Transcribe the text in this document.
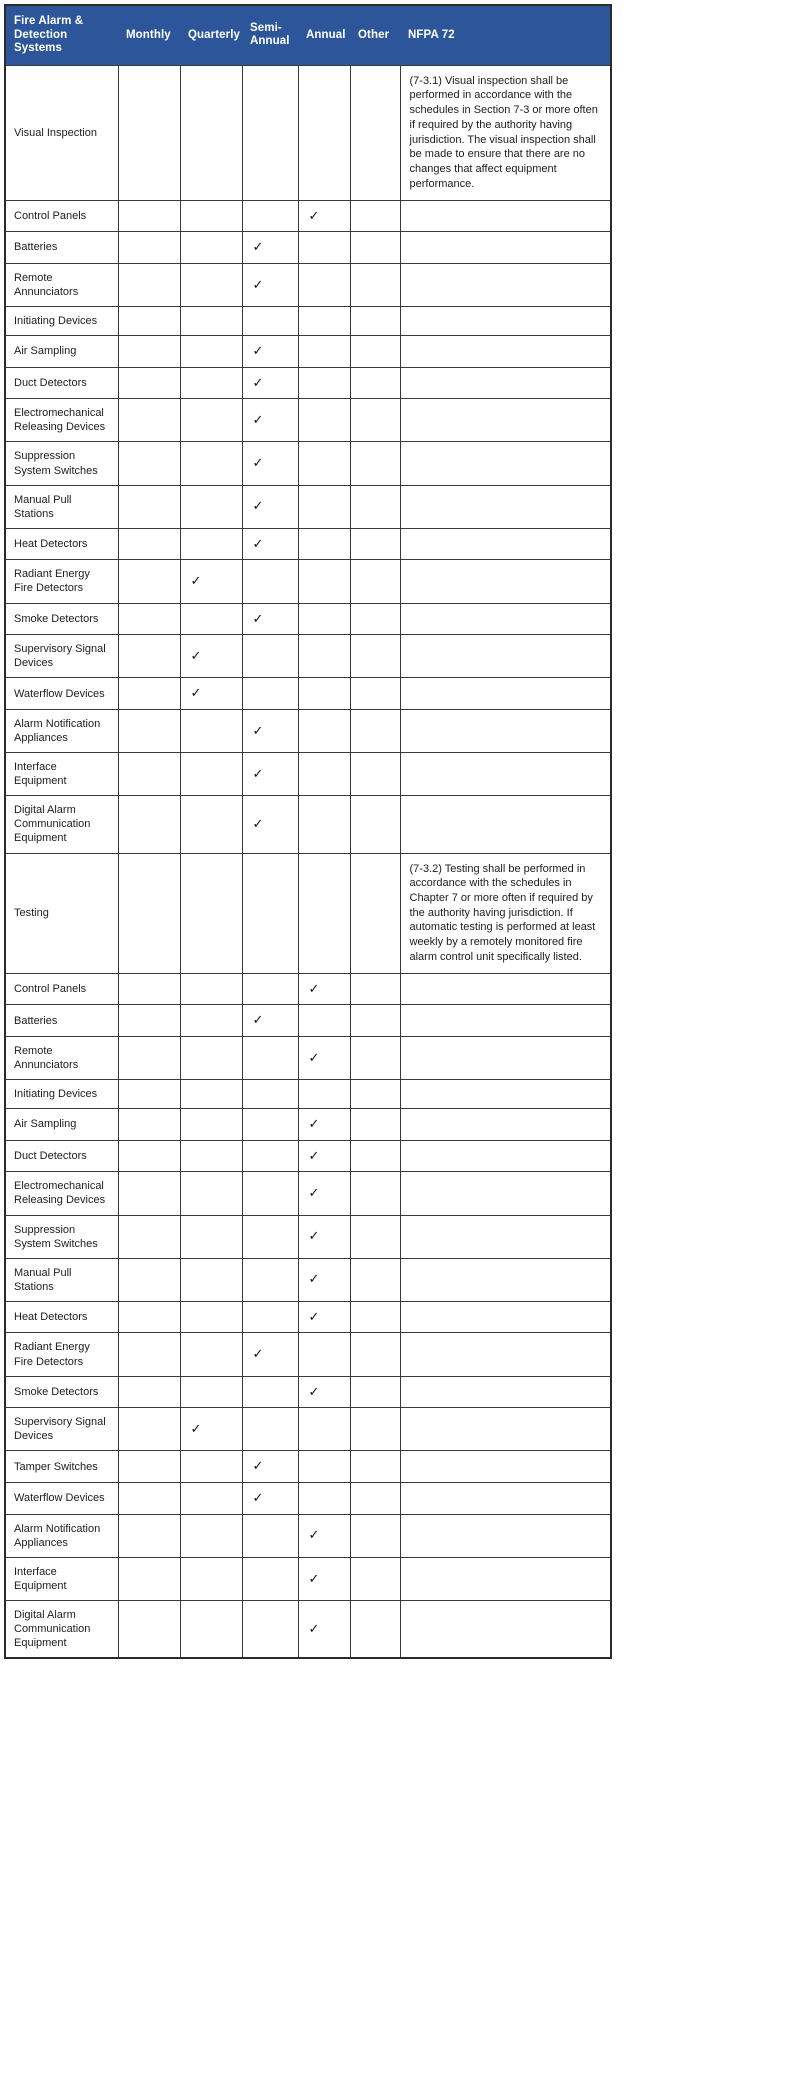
Fire Alarm & Detection Systems	Monthly	Quarterly	Semi-Annual	Annual	Other	NFPA 72
Visual Inspection						(7-3.1) Visual inspection shall be performed in accordance with the schedules in Section 7-3 or more often if required by the authority having jurisdiction. The visual inspection shall be made to ensure that there are no changes that affect equipment performance.
Control Panels				✓		
Batteries			✓			
Remote Annunciators			✓			
Initiating Devices						
Air Sampling			✓			
Duct Detectors			✓			
Electromechanical Releasing Devices			✓			
Suppression System Switches			✓			
Manual Pull Stations			✓			
Heat Detectors			✓			
Radiant Energy Fire Detectors		✓				
Smoke Detectors			✓			
Supervisory Signal Devices		✓				
Waterflow Devices		✓				
Alarm Notification Appliances			✓			
Interface Equipment			✓			
Digital Alarm Communication Equipment			✓			
Testing						(7-3.2) Testing shall be performed in accordance with the schedules in Chapter 7 or more often if required by the authority having jurisdiction. If automatic testing is performed at least weekly by a remotely monitored fire alarm control unit specifically listed.
Control Panels				✓		
Batteries			✓			
Remote Annunciators				✓		
Initiating Devices						
Air Sampling				✓		
Duct Detectors				✓		
Electromechanical Releasing Devices				✓		
Suppression System Switches				✓		
Manual Pull Stations				✓		
Heat Detectors				✓		
Radiant Energy Fire Detectors			✓			
Smoke Detectors				✓		
Supervisory Signal Devices		✓				
Tamper Switches			✓			
Waterflow Devices			✓			
Alarm Notification Appliances				✓		
Interface Equipment				✓		
Digital Alarm Communication Equipment				✓		
